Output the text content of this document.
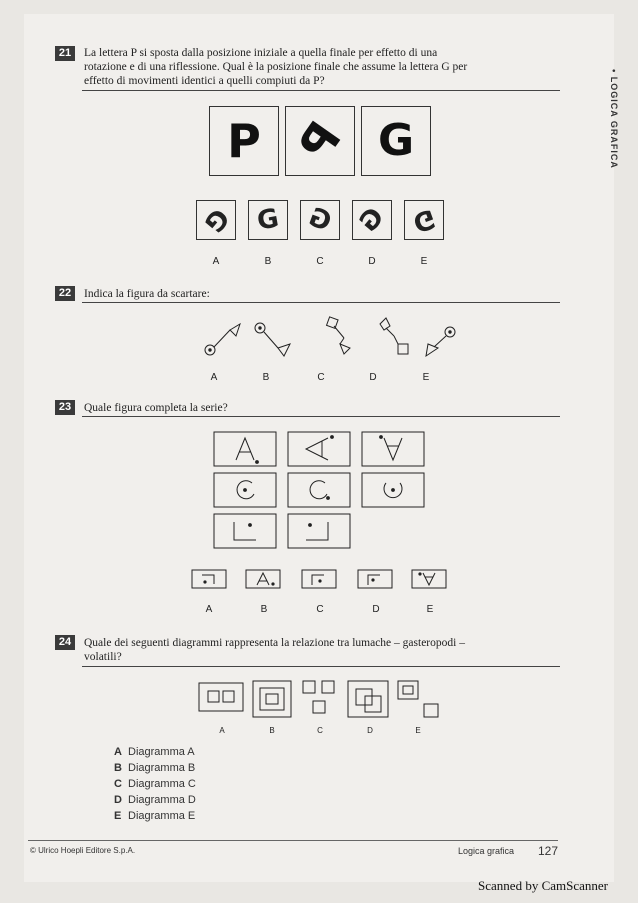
• LOGICA GRAFICA
21	La lettera P si sposta dalla posizione iniziale a quella finale per effetto di una
rotazione e di una riflessione. Qual è la posizione finale che assume la lettera G per
effetto di movimenti identici a quelli compiuti da P?
P P G
G G G G G
A	B	C	D	E
22	Indica la figura da scartare:
A	B	C	D	E
23	Quale figura completa la serie?
A	B	C	D	E
24	Quale dei seguenti diagrammi rappresenta la relazione tra lumache – gasteropodi –
volatili?
A	B	C	D	E
A Diagramma A
B Diagramma B
C Diagramma C
D Diagramma D
E Diagramma E
© Ulrico Hoepli Editore S.p.A.	Logica grafica 127
Scanned by CamScanner
